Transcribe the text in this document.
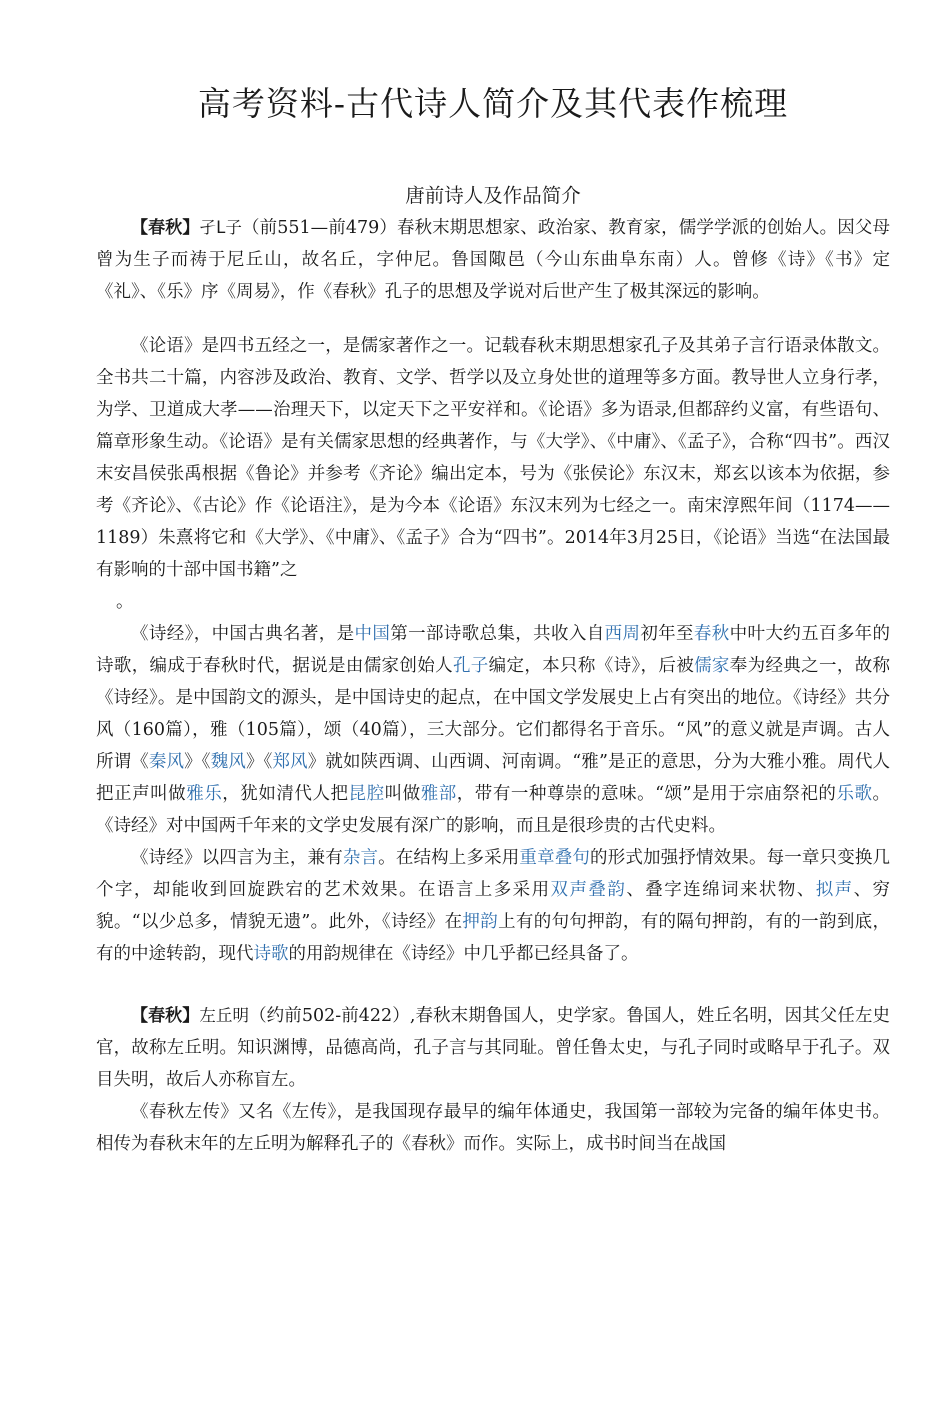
高考资料-古代诗人简介及其代表作梳理
唐前诗人及作品简介

【春秋】孑L子（前551—前479）春秋末期思想家、政治家、教育家，儒学学派的创始人。因父母曾为生子而祷于尼丘山，故名丘，字仲尼。鲁国陬邑（今山东曲阜东南）人。曾修《诗》《书》定《礼》、《乐》序《周易》，作《春秋》孔子的思想及学说对后世产生了极其深远的影响。

《论语》是四书五经之一，是儒家著作之一。记载春秋末期思想家孔子及其弟子言行语录体散文。全书共二十篇，内容涉及政治、教育、文学、哲学以及立身处世的道理等多方面。教导世人立身行孝，为学、卫道成大孝——治理天下，以定天下之平安祥和。《论语》多为语录,但都辞约义富，有些语句、篇章形象生动。《论语》是有关儒家思想的经典著作，与《大学》、《中庸》、《孟子》，合称“四书”。西汉末安昌侯张禹根据《鲁论》并参考《齐论》编出定本，号为《张侯论》东汉末，郑玄以该本为依据，参考《齐论》、《古论》作《论语注》，是为今本《论语》东汉末列为七经之一。南宋淳熙年间（1174——1189）朱熹将它和《大学》、《中庸》、《孟子》合为“四书”。2014年3月25日，《论语》当选“在法国最有影响的十部中国书籍”之

。

《诗经》，中国古典名著，是中国第一部诗歌总集，共收入自西周初年至春秋中叶大约五百多年的诗歌，编成于春秋时代，据说是由儒家创始人孔子编定，本只称《诗》，后被儒家奉为经典之一，故称《诗经》。是中国韵文的源头，是中国诗史的起点，在中国文学发展史上占有突出的地位。《诗经》共分风（160篇），雅（105篇），颂（40篇），三大部分。它们都得名于音乐。“风”的意义就是声调。古人所谓《秦风》《魏风》《郑风》就如陕西调、山西调、河南调。“雅”是正的意思，分为大雅小雅。周代人把正声叫做雅乐，犹如清代人把昆腔叫做雅部，带有一种尊崇的意味。“颂”是用于宗庙祭祀的乐歌。《诗经》对中国两千年来的文学史发展有深广的影响，而且是很珍贵的古代史料。

《诗经》以四言为主，兼有杂言。在结构上多采用重章叠句的形式加强抒情效果。每一章只变换几个字，却能收到回旋跌宕的艺术效果。在语言上多采用双声叠韵、叠字连绵词来状物、拟声、穷貌。“以少总多，情貌无遗”。此外，《诗经》在押韵上有的句句押韵，有的隔句押韵，有的一韵到底，有的中途转韵，现代诗歌的用韵规律在《诗经》中几乎都已经具备了。

【春秋】左丘明（约前502-前422）,春秋末期鲁国人，史学家。鲁国人，姓丘名明，因其父任左史官，故称左丘明。知识渊博，品德高尚，孔子言与其同耻。曾任鲁太史，与孔子同时或略早于孔子。双目失明，故后人亦称盲左。

《春秋左传》又名《左传》，是我国现存最早的编年体通史，我国第一部较为完备的编年体史书。相传为春秋末年的左丘明为解释孔子的《春秋》而作。实际上，成书时间当在战国
